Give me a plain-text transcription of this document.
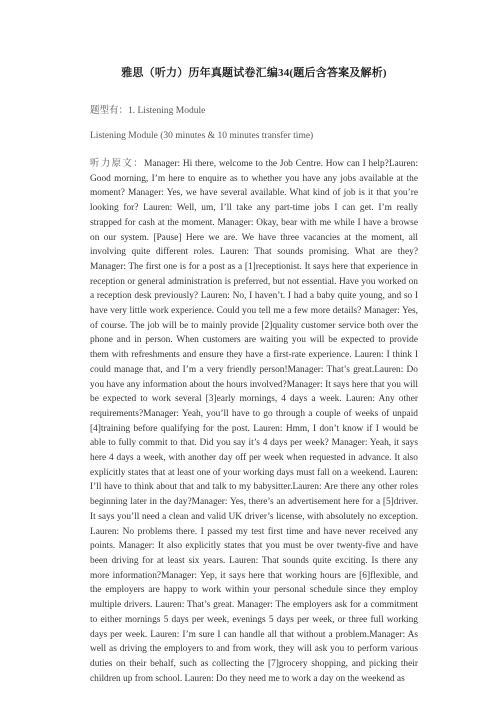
雅思（听力）历年真题试卷汇编34(题后含答案及解析)
题型有：1. Listening Module
Listening Module (30 minutes & 10 minutes transfer time)

听力原文：Manager: Hi there, welcome to the Job Centre. How can I help?Lauren: Good morning, I’m here to enquire as to whether you have any jobs available at the moment? Manager: Yes, we have several available. What kind of job is it that you’re looking for? Lauren: Well, um, I’ll take any part-time jobs I can get. I’m really strapped for cash at the moment. Manager: Okay, bear with me while I have a browse on our system. [Pause] Here we are. We have three vacancies at the moment, all involving quite different roles. Lauren: That sounds promising. What are they?Manager: The first one is for a post as a [1]receptionist. It says here that experience in reception or general administration is preferred, but not essential. Have you worked on a reception desk previously? Lauren: No, I haven’t. I had a baby quite young, and so I have very little work experience. Could you tell me a few more details? Manager: Yes, of course. The job will be to mainly provide [2]quality customer service both over the phone and in person. When customers are waiting you will be expected to provide them with refreshments and ensure they have a first-rate experience. Lauren: I think I could manage that, and I’m a very friendly person!Manager: That’s great.Lauren: Do you have any information about the hours involved?Manager: It says here that you will be expected to work several [3]early mornings, 4 days a week. Lauren: Any other requirements?Manager: Yeah, you’ll have to go through a couple of weeks of unpaid [4]training before qualifying for the post. Lauren: Hmm, I don’t know if I would be able to fully commit to that. Did you say it’s 4 days per week? Manager: Yeah, it says here 4 days a week, with another day off per week when requested in advance. It also explicitly states that at least one of your working days must fall on a weekend. Lauren: I’ll have to think about that and talk to my babysitter.Lauren: Are there any other roles beginning later in the day?Manager: Yes, there’s an advertisement here for a [5]driver. It says you’ll need a clean and valid UK driver’s license, with absolutely no exception. Lauren: No problems there. I passed my test first time and have never received any points. Manager: It also explicitly states that you must be over twenty-five and have been driving for at least six years. Lauren: That sounds quite exciting. Is there any more information?Manager: Yep, it says here that working hours are [6]flexible, and the employers are happy to work within your personal schedule since they employ multiple drivers. Lauren: That’s great. Manager: The employers ask for a commitment to either mornings 5 days per week, evenings 5 days per week, or three full working days per week. Lauren: I’m sure I can handle all that without a problem.Manager: As well as driving the employers to and from work, they will ask you to perform various duties on their behalf, such as collecting the [7]grocery shopping, and picking their children up from school. Lauren: Do they need me to work a day on the weekend as
